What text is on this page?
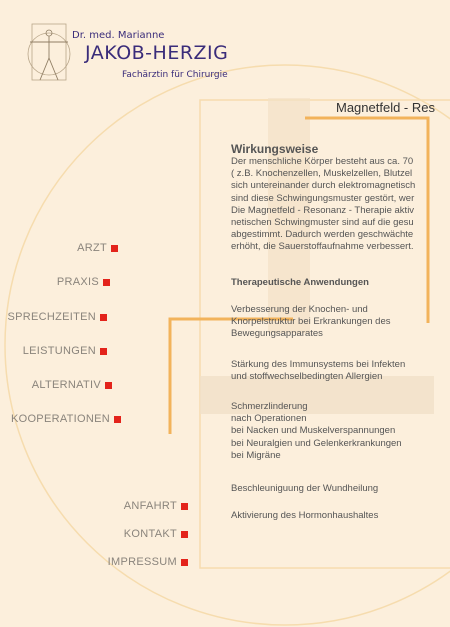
Dr. med. Marianne
JAKOB-HERZIG
Fachärztin für Chirurgie
ARZT
PRAXIS
SPRECHZEITEN
LEISTUNGEN
ALTERNATIV
KOOPERATIONEN
ANFAHRT
KONTAKT
IMPRESSUM
Magnetfeld - Res
Wirkungsweise
Der menschliche Körper besteht aus ca. 70
( z.B. Knochenzellen, Muskelzellen, Blutzel
sich untereinander durch elektromagnetisch
sind diese Schwingungsmuster gestört, wer
Die Magnetfeld - Resonanz - Therapie aktiv
netischen Schwingmuster sind auf die gesu
abgestimmt. Dadurch werden geschwächte
erhöht, die Sauerstoffaufnahme verbessert.
Therapeutische Anwendungen
Verbesserung der Knochen- und
Knorpelstruktur bei Erkrankungen des
Bewegungsapparates
Stärkung des Immunsystems bei Infekten
und stoffwechselbedingten Allergien
Schmerzlinderung
nach Operationen
bei Nacken und Muskelverspannungen
bei Neuralgien und Gelenkerkrankungen
bei Migräne
Beschleuniguung der Wundheilung
Aktivierung des Hormonhaushaltes
